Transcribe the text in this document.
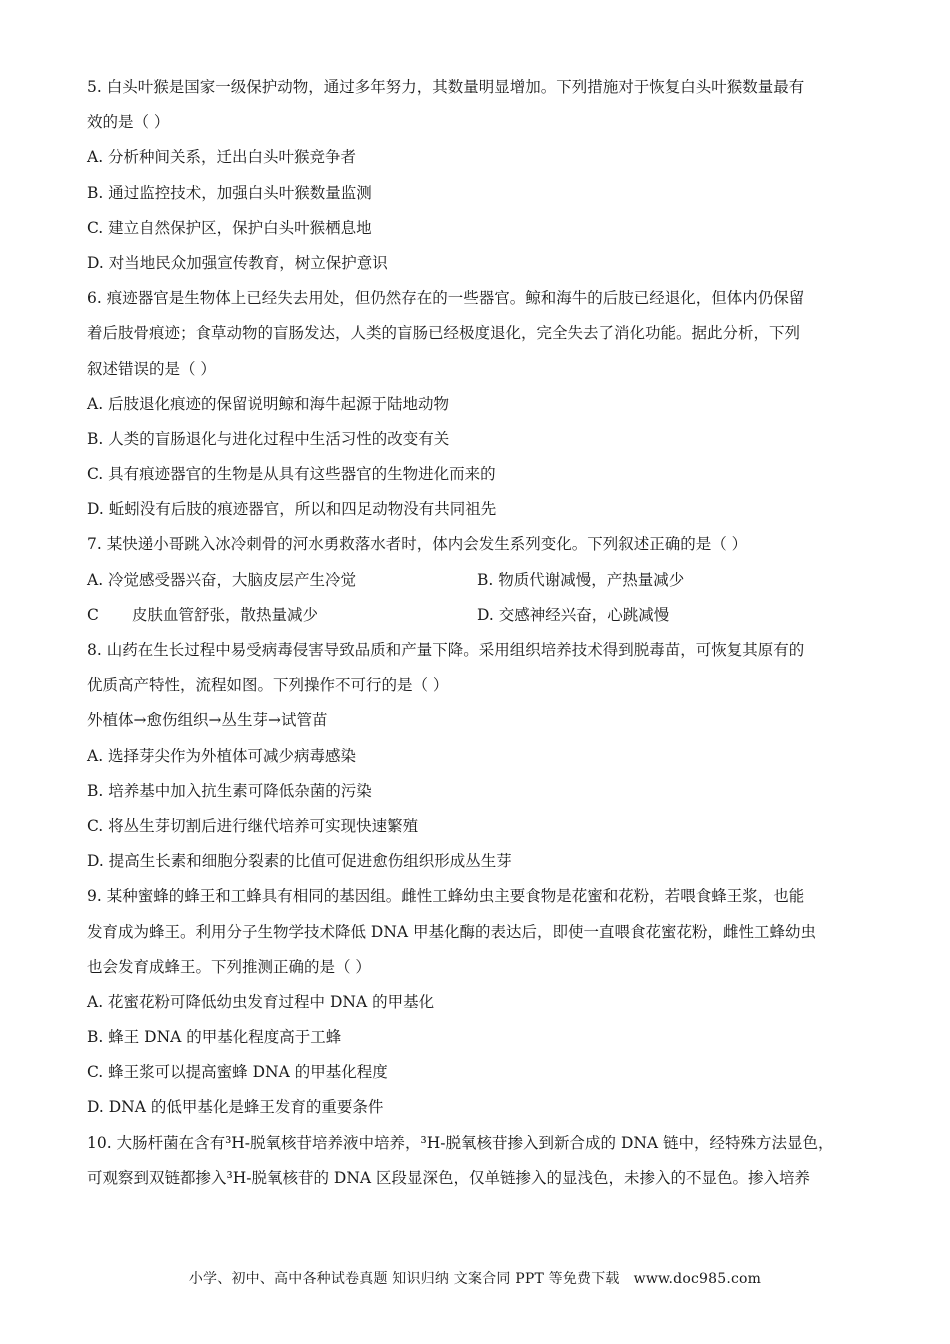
5. 白头叶猴是国家一级保护动物，通过多年努力，其数量明显增加。下列措施对于恢复白头叶猴数量最有
效的是（ ）
A. 分析种间关系，迁出白头叶猴竞争者
B. 通过监控技术，加强白头叶猴数量监测
C. 建立自然保护区，保护白头叶猴栖息地
D. 对当地民众加强宣传教育，树立保护意识
6. 痕迹器官是生物体上已经失去用处，但仍然存在的一些器官。鲸和海牛的后肢已经退化，但体内仍保留
着后肢骨痕迹；食草动物的盲肠发达，人类的盲肠已经极度退化，完全失去了消化功能。据此分析，下列
叙述错误的是（ ）
A. 后肢退化痕迹的保留说明鲸和海牛起源于陆地动物
B. 人类的盲肠退化与进化过程中生活习性的改变有关
C. 具有痕迹器官的生物是从具有这些器官的生物进化而来的
D. 蚯蚓没有后肢的痕迹器官，所以和四足动物没有共同祖先
7. 某快递小哥跳入冰冷刺骨的河水勇救落水者时，体内会发生系列变化。下列叙述正确的是（ ）
A. 冷觉感受器兴奋，大脑皮层产生冷觉	B. 物质代谢减慢，产热量减少
C 皮肤血管舒张，散热量减少	D. 交感神经兴奋，心跳减慢
8. 山药在生长过程中易受病毒侵害导致品质和产量下降。采用组织培养技术得到脱毒苗，可恢复其原有的
优质高产特性，流程如图。下列操作不可行的是（ ）
外植体→愈伤组织→丛生芽→试管苗
A. 选择芽尖作为外植体可减少病毒感染
B. 培养基中加入抗生素可降低杂菌的污染
C. 将丛生芽切割后进行继代培养可实现快速繁殖
D. 提高生长素和细胞分裂素的比值可促进愈伤组织形成丛生芽
9. 某种蜜蜂的蜂王和工蜂具有相同的基因组。雌性工蜂幼虫主要食物是花蜜和花粉，若喂食蜂王浆，也能
发育成为蜂王。利用分子生物学技术降低 DNA 甲基化酶的表达后，即使一直喂食花蜜花粉，雌性工蜂幼虫
也会发育成蜂王。下列推测正确的是（ ）
A. 花蜜花粉可降低幼虫发育过程中 DNA 的甲基化
B. 蜂王 DNA 的甲基化程度高于工蜂
C. 蜂王浆可以提高蜜蜂 DNA 的甲基化程度
D. DNA 的低甲基化是蜂王发育的重要条件
10. 大肠杆菌在含有³H-脱氧核苷培养液中培养，³H-脱氧核苷掺入到新合成的 DNA 链中，经特殊方法显色，
可观察到双链都掺入³H-脱氧核苷的 DNA 区段显深色，仅单链掺入的显浅色，未掺入的不显色。掺入培养
小学、初中、高中各种试卷真题 知识归纳 文案合同 PPT 等免费下载 www.doc985.com
